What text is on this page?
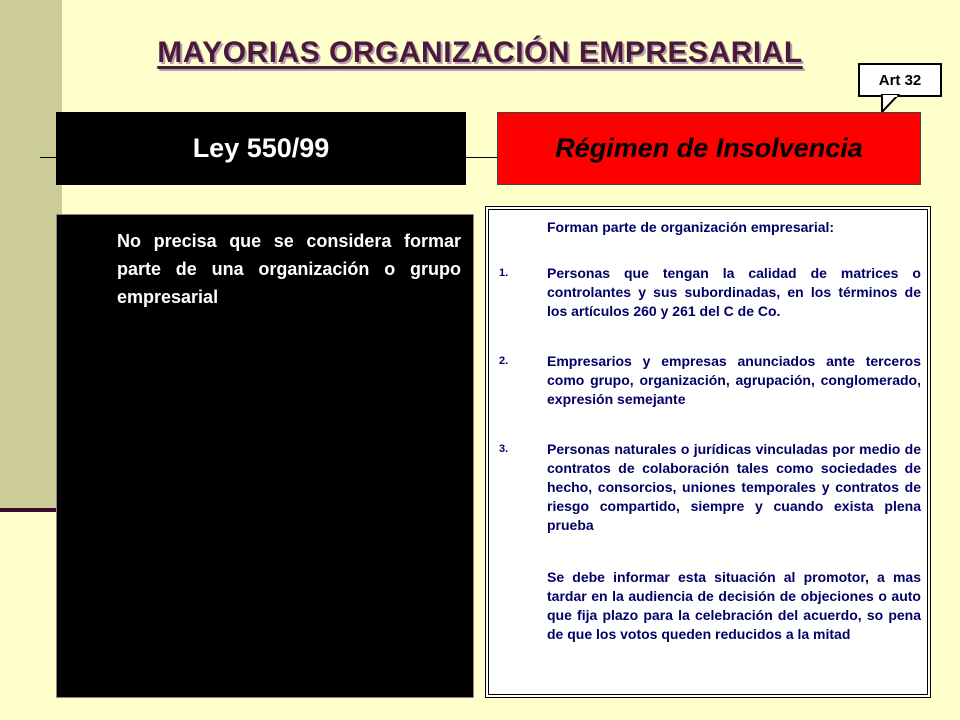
MAYORIAS ORGANIZACIÓN EMPRESARIAL
Art 32
Ley 550/99	Régimen de Insolvencia
No precisa que se considera formar parte de una organización o grupo empresarial
Forman parte de organización empresarial:
1.	Personas que tengan la calidad de matrices o controlantes y sus subordinadas, en los términos de los artículos 260 y 261 del C de Co.
2.	Empresarios y empresas anunciados ante terceros como grupo, organización, agrupación, conglomerado, expresión semejante
3.	Personas naturales o jurídicas vinculadas por medio de contratos de colaboración tales como sociedades de hecho, consorcios, uniones temporales y contratos de riesgo compartido, siempre y cuando exista plena prueba
Se debe informar esta situación al promotor, a mas tardar en la audiencia de decisión de objeciones o auto que fija plazo para la celebración del acuerdo, so pena de que los votos queden reducidos a la mitad
